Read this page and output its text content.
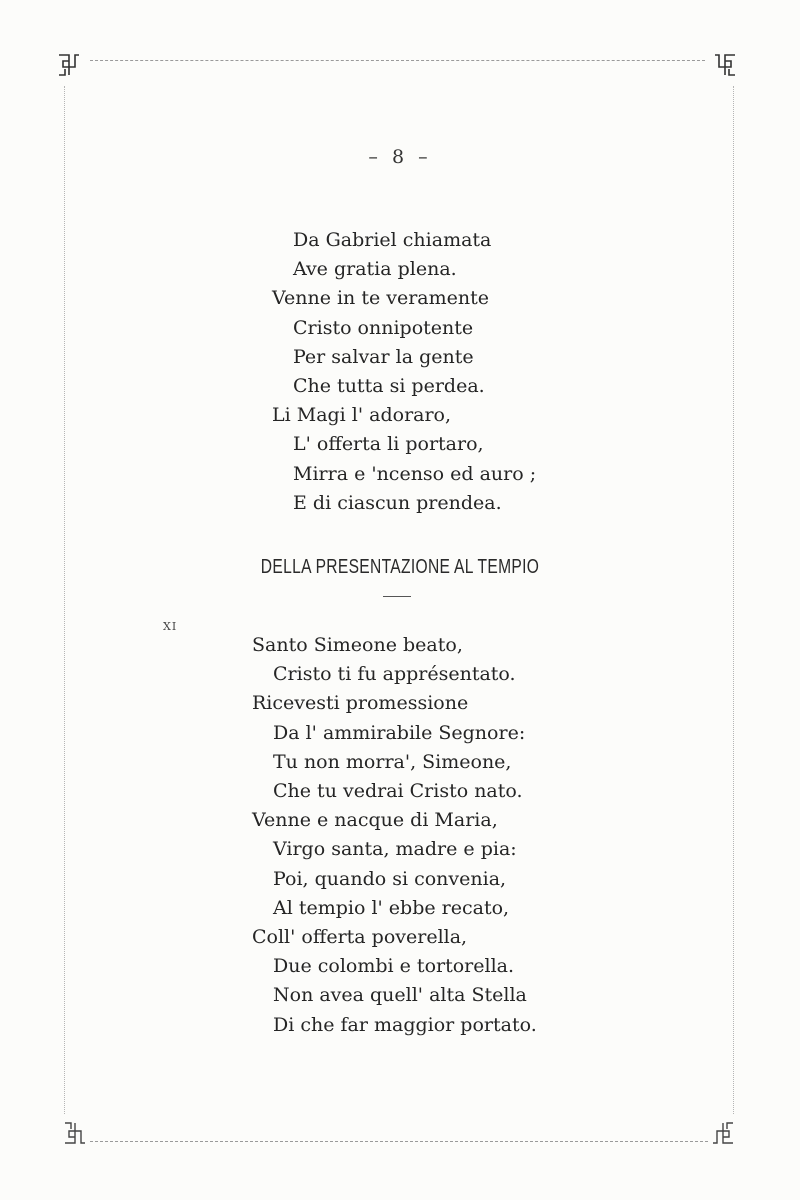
– 8 –
Da Gabriel chiamata
Ave gratia plena.
Venne in te veramente
Cristo onnipotente
Per salvar la gente
Che tutta si perdea.
Li Magi l' adoraro,
L' offerta li portaro,
Mirra e 'ncenso ed auro ;
E di ciascun prendea.
DELLA PRESENTAZIONE AL TEMPIO
XI
Santo Simeone beato,
Cristo ti fu apprésentato.
Ricevesti promessione
Da l' ammirabile Segnore:
Tu non morra', Simeone,
Che tu vedrai Cristo nato.
Venne e nacque di Maria,
Virgo santa, madre e pia:
Poi, quando si convenia,
Al tempio l' ebbe recato,
Coll' offerta poverella,
Due colombi e tortorella.
Non avea quell' alta Stella
Di che far maggior portato.
